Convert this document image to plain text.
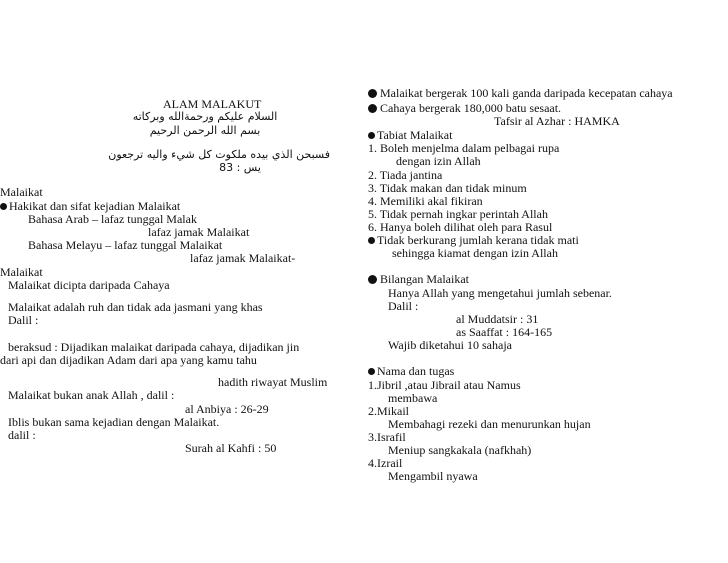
ALAM MALAKUT
السلام عليكم ورحمةالله وبركاته
بسم الله الرحمن الرحيم
فسبحن الذي بيده ملكوت كل شيء واليه ترجعون
يس : 83
Malaikat
Hakikat dan sifat kejadian Malaikat
Bahasa Arab – lafaz tunggal Malak
lafaz jamak Malaikat
Bahasa Melayu – lafaz tunggal Malaikat
lafaz jamak Malaikat-
Malaikat
Malaikat dicipta daripada Cahaya
Malaikat adalah ruh dan tidak ada jasmani yang khas
Dalil :
beraksud : Dijadikan malaikat daripada cahaya, dijadikan jin
dari api dan dijadikan Adam dari apa yang kamu tahu
hadith riwayat Muslim
Malaikat bukan anak Allah , dalil :
al Anbiya : 26-29
Iblis bukan sama kejadian dengan Malaikat.
dalil :
Surah al Kahfi : 50
Malaikat bergerak 100 kali ganda daripada kecepatan cahaya
Cahaya bergerak 180,000 batu sesaat.
Tafsir al Azhar : HAMKA
Tabiat Malaikat
1. Boleh menjelma dalam pelbagai rupa
dengan izin Allah
2. Tiada jantina
3. Tidak makan dan tidak minum
4. Memiliki akal fikiran
5. Tidak pernah ingkar perintah Allah
6. Hanya boleh dilihat oleh para Rasul
Tidak berkurang jumlah kerana tidak mati
sehingga kiamat dengan izin Allah
Bilangan Malaikat
Hanya Allah yang mengetahui jumlah sebenar.
Dalil :
al Muddatsir : 31
as Saaffat : 164-165
Wajib diketahui 10 sahaja
Nama dan tugas
1.Jibril ,atau Jibrail atau Namus
membawa
2.Mikail
Membahagi rezeki dan menurunkan hujan
3.Israfil
Meniup sangkakala (nafkhah)
4.Izrail
Mengambil nyawa
